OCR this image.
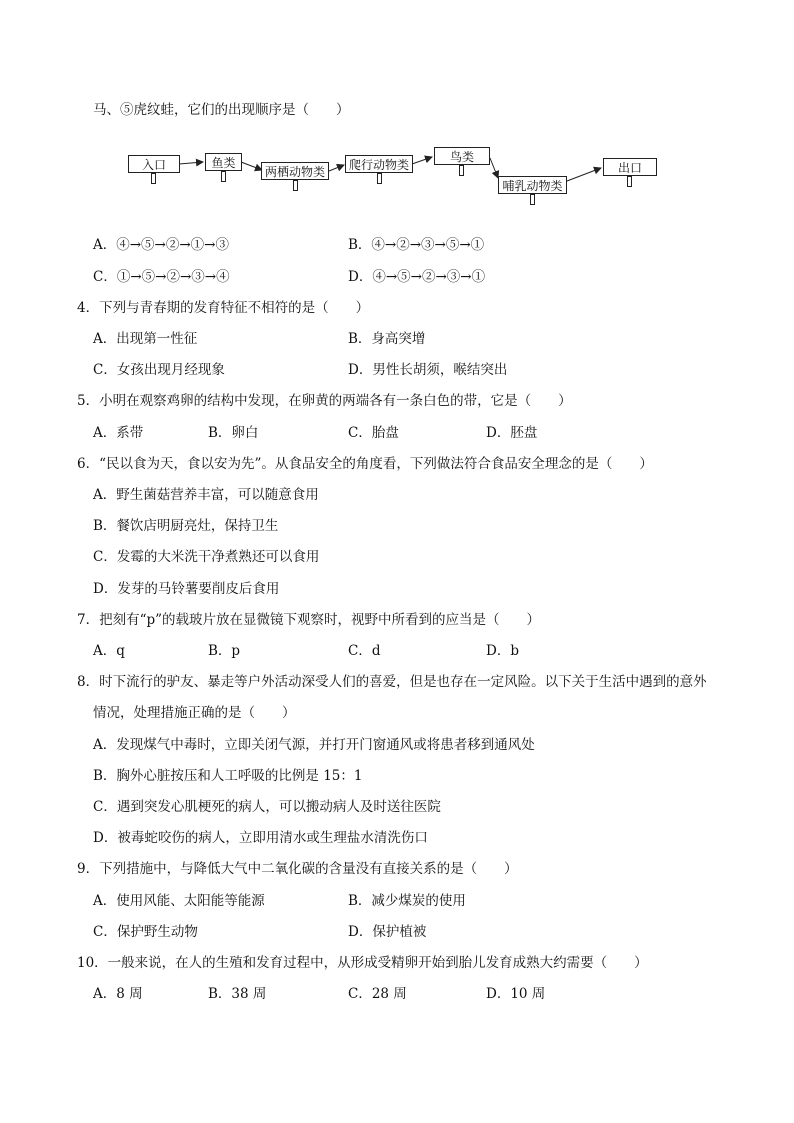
马、⑤虎纹蛙，它们的出现顺序是（　　）
入口	鱼类
两栖动物类	爬行动物类
鸟类
哺乳动物类
出口
A．④→⑤→②→①→③	B．④→②→③→⑤→①
C．①→⑤→②→③→④	D．④→⑤→②→③→①
4．下列与青春期的发育特征不相符的是（　　）
A．出现第一性征	B．身高突增
C．女孩出现月经现象	D．男性长胡须，喉结突出
5．小明在观察鸡卵的结构中发现，在卵黄的两端各有一条白色的带，它是（　　）
A．系带	B．卵白	C．胎盘	D．胚盘
6．“民以食为天，食以安为先”。从食品安全的角度看，下列做法符合食品安全理念的是（　　）
A．野生菌菇营养丰富，可以随意食用
B．餐饮店明厨亮灶，保持卫生
C．发霉的大米洗干净煮熟还可以食用
D．发芽的马铃薯要削皮后食用
7．把刻有“p”的载玻片放在显微镜下观察时，视野中所看到的应当是（　　）
A．q	B．p	C．d	D．b
8．时下流行的驴友、暴走等户外活动深受人们的喜爱，但是也存在一定风险。以下关于生活中遇到的意外
情况，处理措施正确的是（　　）
A．发现煤气中毒时，立即关闭气源，并打开门窗通风或将患者移到通风处
B．胸外心脏按压和人工呼吸的比例是 15：1
C．遇到突发心肌梗死的病人，可以搬动病人及时送往医院
D．被毒蛇咬伤的病人，立即用清水或生理盐水清洗伤口
9．下列措施中，与降低大气中二氧化碳的含量没有直接关系的是（　　）
A．使用风能、太阳能等能源	B．减少煤炭的使用
C．保护野生动物	D．保护植被
10．一般来说，在人的生殖和发育过程中，从形成受精卵开始到胎儿发育成熟大约需要（　　）
A．8 周	B．38 周	C．28 周	D．10 周
